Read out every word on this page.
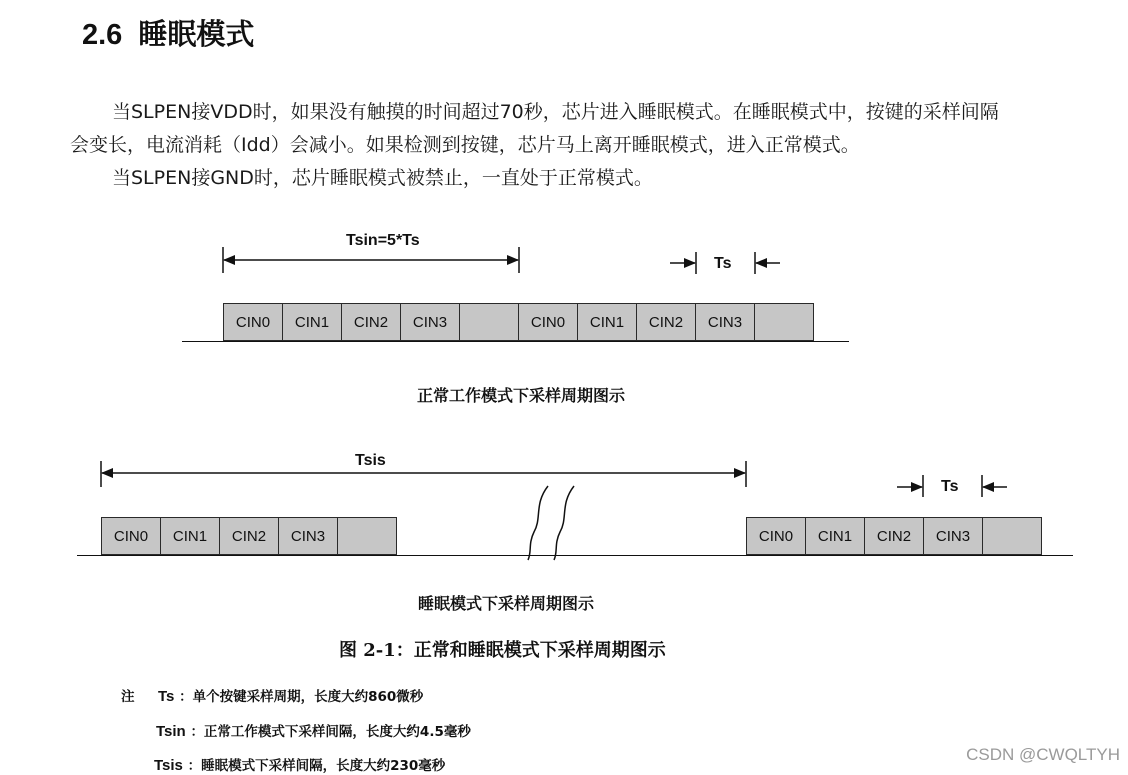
2.6 睡眠模式
当SLPEN接VDD时，如果没有触摸的时间超过70秒，芯片进入睡眠模式。在睡眠模式中，按键的采样间隔
会变长，电流消耗（Idd）会减小。如果检测到按键，芯片马上离开睡眠模式，进入正常模式。
当SLPEN接GND时，芯片睡眠模式被禁止，一直处于正常模式。
Tsin=5*Ts
Ts
CIN0	CIN1	CIN2	CIN3	CIN0	CIN1	CIN2	CIN3
正常工作模式下采样周期图示
Tsis
Ts
CIN0	CIN1	CIN2	CIN3	CIN0	CIN1	CIN2	CIN3
睡眠模式下采样周期图示
图 2-1：正常和睡眠模式下采样周期图示
注 Ts ：单个按键采样周期，长度大约860微秒
Tsin ：正常工作模式下采样间隔，长度大约4.5毫秒
Tsis ：睡眠模式下采样间隔，长度大约230毫秒
CSDN @CWQLTYH
